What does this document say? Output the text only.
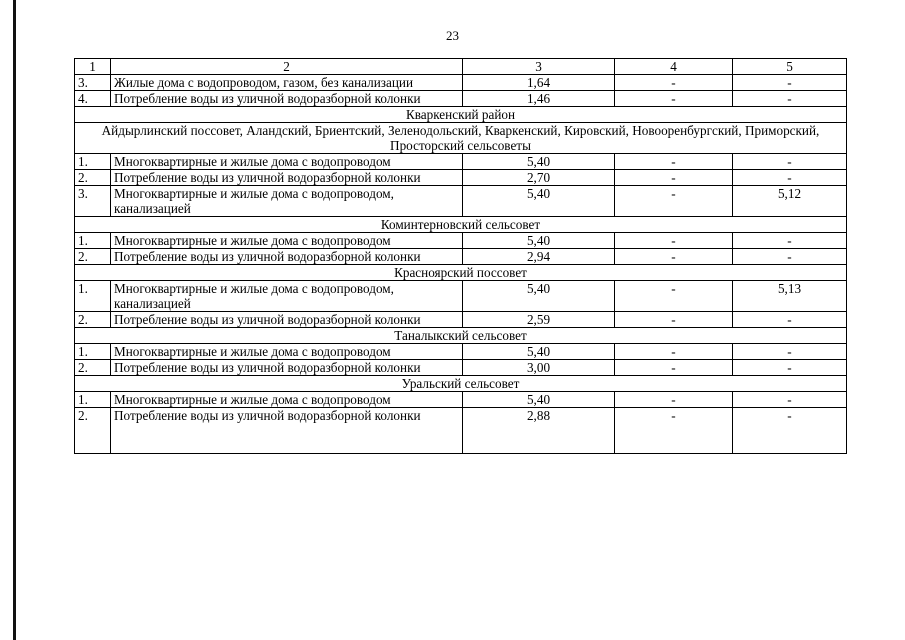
23
1	2	3	4	5
3.	Жилые дома с водопроводом, газом, без канализации	1,64	-	-
4.	Потребление воды из уличной водоразборной колонки	1,46	-	-
Кваркенский район				
Айдырлинский поссовет, Аландский, Бриентский, Зеленодольский, Кваркенский, Кировский, Новооренбургский, Приморский, Просторский сельсоветы				
1.	Многоквартирные и жилые дома с водопроводом	5,40	-	-
2.	Потребление воды из уличной водоразборной колонки	2,70	-	-
3.	Многоквартирные и жилые дома с водопроводом, канализацией	5,40	-	5,12
Коминтерновский сельсовет				
1.	Многоквартирные и жилые дома с водопроводом	5,40	-	-
2.	Потребление воды из уличной водоразборной колонки	2,94	-	-
Красноярский поссовет				
1.	Многоквартирные и жилые дома с водопроводом, канализацией	5,40	-	5,13
2.	Потребление воды из уличной водоразборной колонки	2,59	-	-
Таналыкский сельсовет				
1.	Многоквартирные и жилые дома с водопроводом	5,40	-	-
2.	Потребление воды из уличной водоразборной колонки	3,00	-	-
Уральский сельсовет				
1.	Многоквартирные и жилые дома с водопроводом	5,40	-	-
2.	Потребление воды из уличной водоразборной колонки	2,88	-	-
